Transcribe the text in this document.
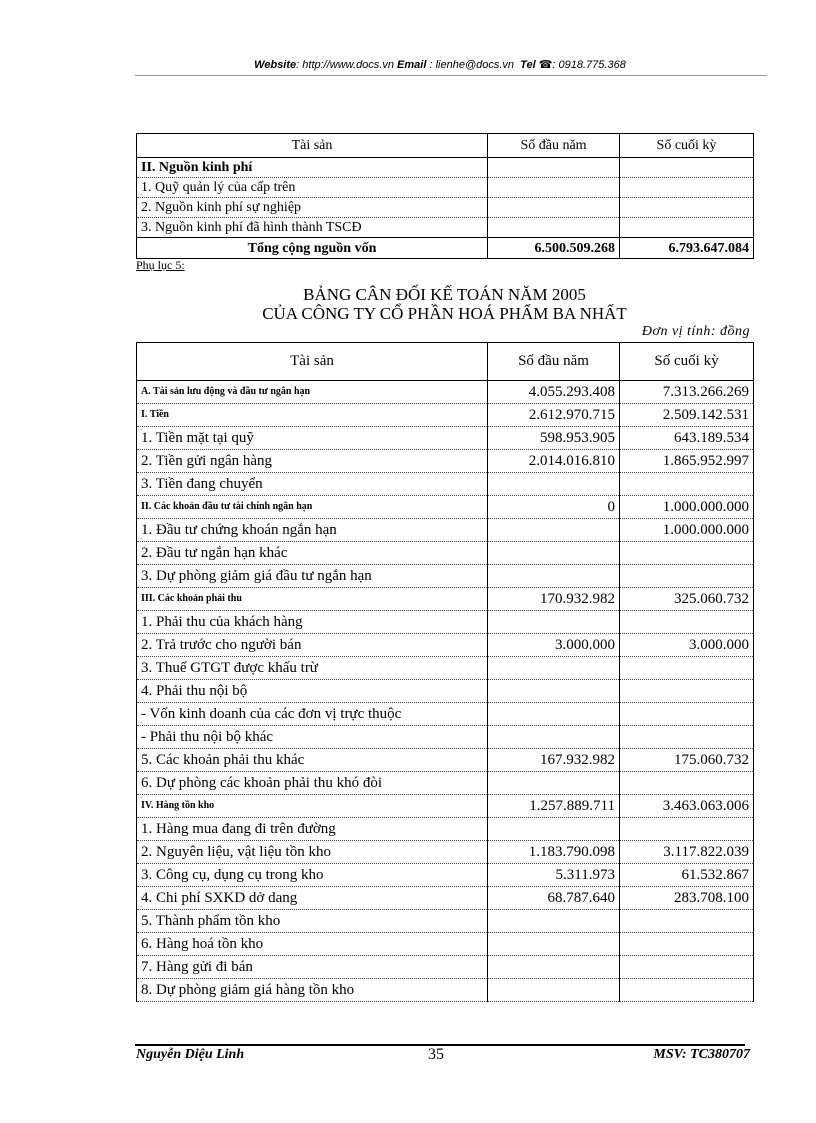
Website: http://www.docs.vn Email : lienhe@docs.vn Tel ☎: 0918.775.368
Tài sản	Số đầu năm	Số cuối kỳ
II. Nguồn kinh phí		
1. Quỹ quản lý của cấp trên		
2. Nguồn kinh phí sự nghiệp		
3. Nguồn kinh phí đã hình thành TSCĐ		
Tổng cộng nguồn vốn	6.500.509.268	6.793.647.084
Phụ lục 5:
BẢNG CÂN ĐỐI KẾ TOÁN NĂM 2005
CỦA CÔNG TY CỔ PHẦN HOÁ PHẨM BA NHẤT
Đơn vị tính: đồng
Tài sản	Số đầu năm	Số cuối kỳ
A. Tài sản lưu động và đầu tư ngắn hạn	4.055.293.408	7.313.266.269
I. Tiền	2.612.970.715	2.509.142.531
1. Tiền mặt tại quỹ	598.953.905	643.189.534
2. Tiền gửi ngân hàng	2.014.016.810	1.865.952.997
3. Tiền đang chuyển		
II. Các khoản đầu tư tài chính ngắn hạn	0	1.000.000.000
1. Đầu tư chứng khoán ngắn hạn		1.000.000.000
2. Đầu tư ngắn hạn khác		
3. Dự phòng giảm giá đầu tư ngắn hạn		
III. Các khoản phải thu	170.932.982	325.060.732
1. Phải thu của khách hàng		
2. Trả trước cho người bán	3.000.000	3.000.000
3. Thuế GTGT được khấu trừ		
4. Phải thu nội bộ		
- Vốn kinh doanh của các đơn vị trực thuộc		
- Phải thu nội bộ khác		
5. Các khoản phải thu khác	167.932.982	175.060.732
6. Dự phòng các khoản phải thu khó đòi		
IV. Hàng tồn kho	1.257.889.711	3.463.063.006
1. Hàng mua đang đi trên đường		
2. Nguyên liệu, vật liệu tồn kho	1.183.790.098	3.117.822.039
3. Công cụ, dụng cụ trong kho	5.311.973	61.532.867
4. Chi phí SXKD dở dang	68.787.640	283.708.100
5. Thành phẩm tồn kho		
6. Hàng hoá tồn kho		
7. Hàng gửi đi bán		
8. Dự phòng giảm giá hàng tồn kho		
Nguyễn Diệu Linh	35	MSV: TC380707
